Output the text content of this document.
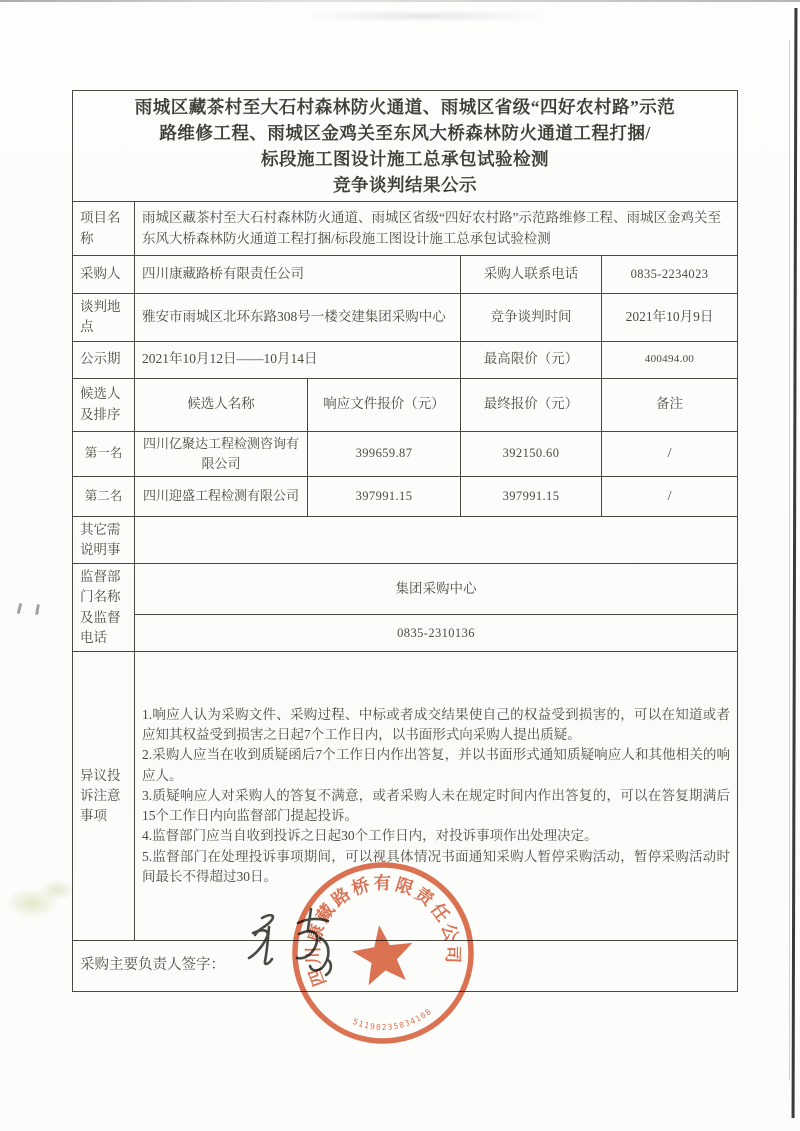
雨城区藏茶村至大石村森林防火通道、雨城区省级“四好农村路”示范
路维修工程、雨城区金鸡关至东风大桥森林防火通道工程打捆/
标段施工图设计施工总承包试验检测
竞争谈判结果公示				

项目名称	雨城区藏茶村至大石村森林防火通道、雨城区省级“四好农村路”示范路维修工程、雨城区金鸡关至东风大桥森林防火通道工程打捆/标段施工图设计施工总承包试验检测			
采购人	四川康藏路桥有限责任公司		采购人联系电话	0835-2234023
谈判地点	雅安市雨城区北环东路308号一楼交建集团采购中心		竞争谈判时间	2021年10月9日
公示期	2021年10月12日——10月14日		最高限价（元）	400494.00
候选人及排序	候选人名称	响应文件报价（元）	最终报价（元）	备注
第一名	四川亿聚达工程检测咨询有限公司	399659.87	392150.60	/
第二名	四川迎盛工程检测有限公司	397991.15	397991.15	/
其它需说明事				
监督部门名称及监督电话	集团采购中心			
	0835-2310136			
异议投诉注意事项	1.响应人认为采购文件、采购过程、中标或者成交结果使自己的权益受到损害的，可以在知道或者应知其权益受到损害之日起7个工作日内，以书面形式向采购人提出质疑。
2.采购人应当在收到质疑函后7个工作日内作出答复，并以书面形式通知质疑响应人和其他相关的响应人。
3.质疑响应人对采购人的答复不满意，或者采购人未在规定时间内作出答复的，可以在答复期满后15个工作日内向监督部门提起投诉。
4.监督部门应当自收到投诉之日起30个工作日内，对投诉事项作出处理决定。
5.监督部门在处理投诉事项期间，可以视具体情况书面通知采购人暂停采购活动，暂停采购活动时间最长不得超过30日。			

采购主要负责人签字：				
四川康藏路桥有限责任公司
51190235034108
